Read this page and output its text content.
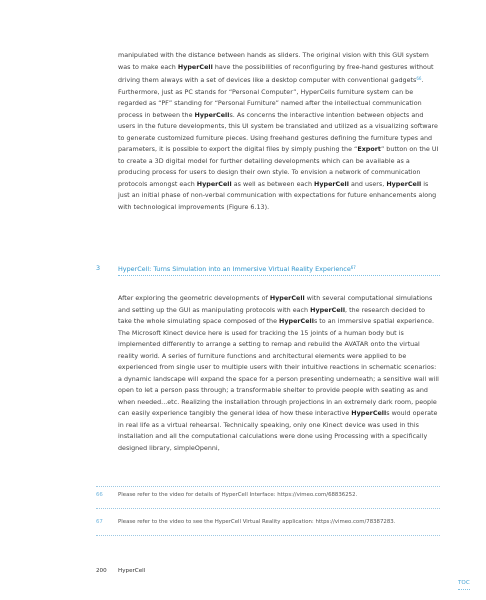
manipulated with the distance between hands as sliders. The original vision with this GUI system was to make each HyperCell have the possibilities of reconfiguring by free-hand gestures without driving them always with a set of devices like a desktop computer with conventional gadgets$^{66}$. Furthermore, just as PC stands for “Personal Computer”, HyperCells furniture system can be regarded as “PF” standing for “Personal Furniture” named after the intellectual communication process in between the HyperCells. As concerns the interactive intention between objects and users in the future developments, this UI system be translated and utilized as a visualizing software to generate customized furniture pieces. Using freehand gestures defining the furniture types and parameters, it is possible to export the digital files by simply pushing the “Export” button on the UI to create a 3D digital model for further detailing developments which can be available as a producing process for users to design their own style. To envision a network of communication protocols amongst each HyperCell as well as between each HyperCell and users, HyperCell is just an initial phase of non-verbal communication with expectations for future enhancements along with technological improvements (Figure 6.13).

3	HyperCell: Turns Simulation into an Immersive Virtual Reality Experience$^{67}$

After exploring the geometric developments of HyperCell with several computational simulations and setting up the GUI as manipulating protocols with each HyperCell, the research decided to take the whole simulating space composed of the HyperCells to an immersive spatial experience. The Microsoft Kinect device here is used for tracking the 15 joints of a human body but is implemented differently to arrange a setting to remap and rebuild the AVATAR onto the virtual reality world. A series of furniture functions and architectural elements were applied to be experienced from single user to multiple users with their intuitive reactions in schematic scenarios: a dynamic landscape will expand the space for a person presenting underneath; a sensitive wall will open to let a person pass through; a transformable shelter to provide people with seating as and when needed...etc. Realizing the installation through projections in an extremely dark room, people can easily experience tangibly the general idea of how these interactive HyperCells would operate in real life as a virtual rehearsal. Technically speaking, only one Kinect device was used in this installation and all the computational calculations were done using Processing with a specifically designed library, simpleOpenni,

66	Please refer to the video for details of HyperCell Interface: https://vimeo.com/68836252.
67	Please refer to the video to see the HyperCell Virtual Reality application: https://vimeo.com/78387283.
200 HyperCell
TOC
